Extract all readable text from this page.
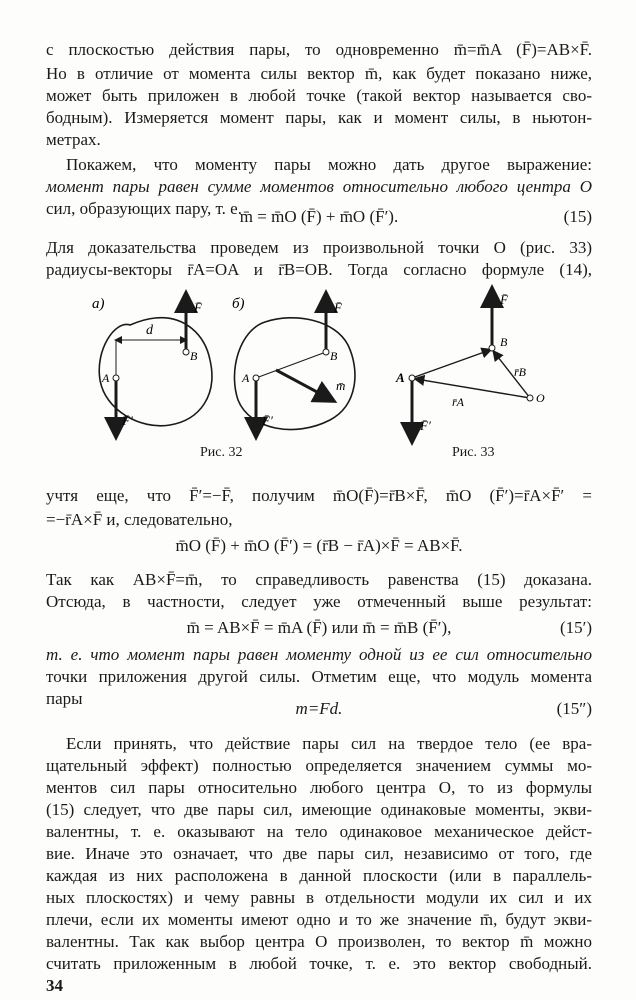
с плоскостью действия пары, то одновременно m̄=m̄A (F̄)=AB×F̄.
Но в отличие от момента силы вектор m̄, как будет показано ниже,
может быть приложен в любой точке (такой вектор называется сво-
бодным). Измеряется момент пары, как и момент силы, в ньютон-
метрах.
Покажем, что моменту пары можно дать другое выражение:
момент пары равен сумме моментов относительно любого центра O
сил, образующих пару, т. е.
m̄ = m̄O (F̄) + m̄O (F̄′).	(15)
Для доказательства проведем из произвольной точки O (рис. 33)
радиусы-векторы r̄A=OA и r̄B=OB. Тогда согласно формуле (14),
a)
d
F̄
F̄′
A
B
б)	F̄
F̄′
m̄
A
B
Рис. 32
F̄
F̄′
A
B
O
r̄A
r̄B
Рис. 33
учтя еще, что F̄′=−F̄, получим m̄O(F̄)=r̄B×F̄, m̄O (F̄′)=r̄A×F̄′ =
=−r̄A×F̄ и, следовательно,
m̄O (F̄) + m̄O (F̄′) = (r̄B − r̄A)×F̄ = AB×F̄.
Так как AB×F̄=m̄, то справедливость равенства (15) доказана.
Отсюда, в частности, следует уже отмеченный выше результат:
m̄ = AB×F̄ = m̄A (F̄) или m̄ = m̄B (F̄′),	(15′)
т. е. что момент пары равен моменту одной из ее сил относительно
точки приложения другой силы. Отметим еще, что модуль момента
пары
m=Fd.	(15″)
Если принять, что действие пары сил на твердое тело (ее вра-
щательный эффект) полностью определяется значением суммы мо-
ментов сил пары относительно любого центра O, то из формулы
(15) следует, что две пары сил, имеющие одинаковые моменты, экви-
валентны, т. е. оказывают на тело одинаковое механическое дейст-
вие. Иначе это означает, что две пары сил, независимо от того, где
каждая из них расположена в данной плоскости (или в параллель-
ных плоскостях) и чему равны в отдельности модули их сил и их
плечи, если их моменты имеют одно и то же значение m̄, будут экви-
валентны. Так как выбор центра O произволен, то вектор m̄ можно
считать приложенным в любой точке, т. е. это вектор свободный.
34
